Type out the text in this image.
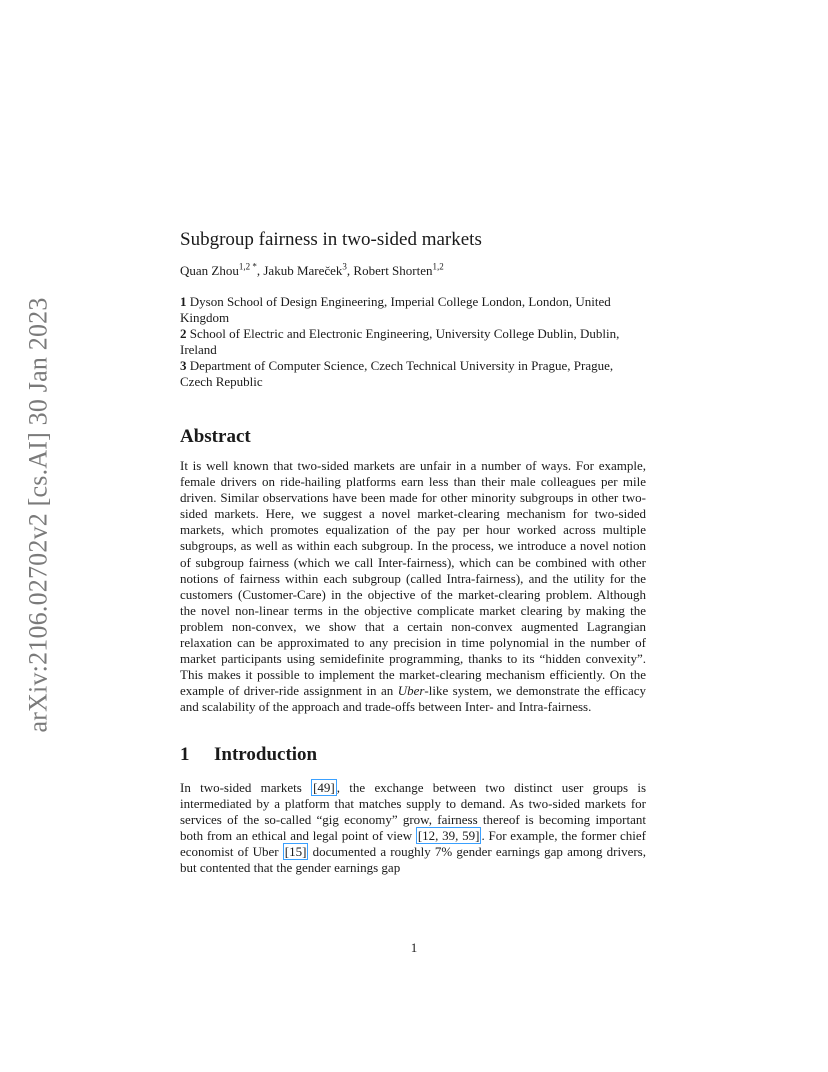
arXiv:2106.02702v2 [cs.AI] 30 Jan 2023
Subgroup fairness in two-sided markets
Quan Zhou$^{1,2 *}$, Jakub Mareček$^3$, Robert Shorten$^{1,2}$
1 Dyson School of Design Engineering, Imperial College London, London, United Kingdom
2 School of Electric and Electronic Engineering, University College Dublin, Dublin, Ireland
3 Department of Computer Science, Czech Technical University in Prague, Prague, Czech Republic
Abstract

It is well known that two-sided markets are unfair in a number of ways. For example, female drivers on ride-hailing platforms earn less than their male colleagues per mile driven. Similar observations have been made for other minority subgroups in other two-sided markets. Here, we suggest a novel market-clearing mechanism for two-sided markets, which promotes equalization of the pay per hour worked across multiple subgroups, as well as within each subgroup. In the process, we introduce a novel notion of subgroup fairness (which we call Inter-fairness), which can be combined with other notions of fairness within each subgroup (called Intra-fairness), and the utility for the customers (Customer-Care) in the objective of the market-clearing problem. Although the novel non-linear terms in the objective complicate market clearing by making the problem non-convex, we show that a certain non-convex augmented Lagrangian relaxation can be approximated to any precision in time polynomial in the number of market participants using semidefinite programming, thanks to its “hidden convexity”. This makes it possible to implement the market-clearing mechanism efficiently. On the example of driver-ride assignment in an Uber-like system, we demonstrate the efficacy and scalability of the approach and trade-offs between Inter- and Intra-fairness.

1 Introduction

In two-sided markets [49] , the exchange between two distinct user groups is intermediated by a platform that matches supply to demand. As two-sided markets for services of the so-called “gig economy” grow, fairness thereof is becoming important both from an ethical and legal point of view [12, 39, 59] . For example, the former chief economist of Uber [15] documented a roughly 7% gender earnings gap among drivers, but contented that the gender earnings gap

1
